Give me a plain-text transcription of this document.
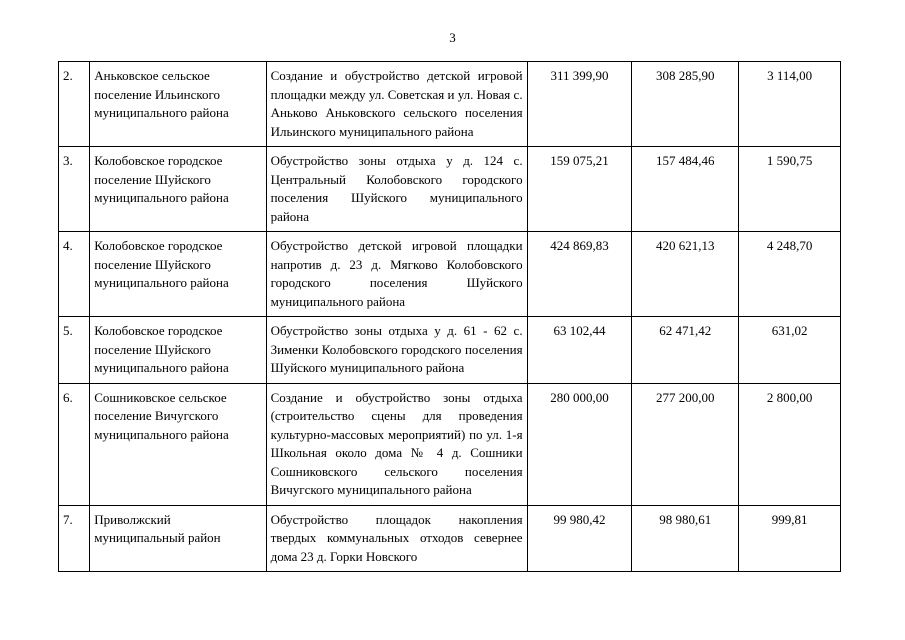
3
2.	Аньковское сельское поселение Ильинского муниципального района	Создание и обустройство детской игровой площадки между ул. Советская и ул. Новая с. Аньково Аньковского сельского поселения Ильинского муниципального района	311 399,90	308 285,90	3 114,00
3.	Колобовское городское поселение Шуйского муниципального района	Обустройство зоны отдыха у д. 124 с. Центральный Колобовского городского поселения Шуйского муниципального района	159 075,21	157 484,46	1 590,75
4.	Колобовское городское поселение Шуйского муниципального района	Обустройство детской игровой площадки напротив д. 23 д. Мягково Колобовского городского поселения Шуйского муниципального района	424 869,83	420 621,13	4 248,70
5.	Колобовское городское поселение Шуйского муниципального района	Обустройство зоны отдыха у д. 61 - 62 с. Зименки Колобовского городского поселения Шуйского муниципального района	63 102,44	62 471,42	631,02
6.	Сошниковское сельское поселение Вичугского муниципального района	Создание и обустройство зоны отдыха (строительство сцены для проведения культурно-массовых мероприятий) по ул. 1-я Школьная около дома № 4 д. Сошники Сошниковского сельского поселения Вичугского муниципального района	280 000,00	277 200,00	2 800,00
7.	Приволжский муниципальный район	Обустройство площадок накопления твердых коммунальных отходов севернее дома 23 д. Горки Новского	99 980,42	98 980,61	999,81
